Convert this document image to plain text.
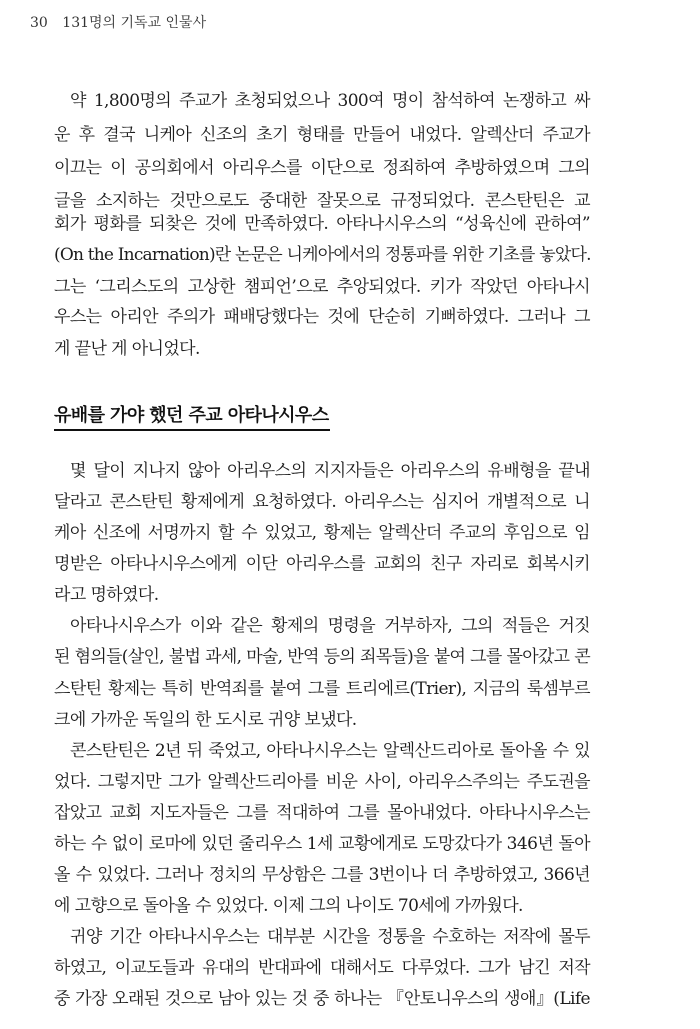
30 131명의 기독교 인물사
약 1,800명의 주교가 초청되었으나 300여 명이 참석하여 논쟁하고 싸
운 후 결국 니케아 신조의 초기 형태를 만들어 내었다. 알렉산더 주교가
이끄는 이 공의회에서 아리우스를 이단으로 정죄하여 추방하였으며 그의
글을 소지하는 것만으로도 중대한 잘못으로 규정되었다. 콘스탄틴은 교
회가 평화를 되찾은 것에 만족하였다. 아타나시우스의 “성육신에 관하여”
(On the Incarnation)란 논문은 니케아에서의 정통파를 위한 기초를 놓았다.
그는 ‘그리스도의 고상한 챔피언’으로 추앙되었다. 키가 작았던 아타나시
우스는 아리안 주의가 패배당했다는 것에 단순히 기뻐하였다. 그러나 그
게 끝난 게 아니었다.
유배를 가야 했던 주교 아타나시우스
몇 달이 지나지 않아 아리우스의 지지자들은 아리우스의 유배형을 끝내
달라고 콘스탄틴 황제에게 요청하였다. 아리우스는 심지어 개별적으로 니
케아 신조에 서명까지 할 수 있었고, 황제는 알렉산더 주교의 후임으로 임
명받은 아타나시우스에게 이단 아리우스를 교회의 친구 자리로 회복시키
라고 명하였다.
아타나시우스가 이와 같은 황제의 명령을 거부하자, 그의 적들은 거짓
된 혐의들(살인, 불법 과세, 마술, 반역 등의 죄목들)을 붙여 그를 몰아갔고 콘
스탄틴 황제는 특히 반역죄를 붙여 그를 트리에르(Trier), 지금의 룩셈부르
크에 가까운 독일의 한 도시로 귀양 보냈다.
콘스탄틴은 2년 뒤 죽었고, 아타나시우스는 알렉산드리아로 돌아올 수 있
었다. 그렇지만 그가 알렉산드리아를 비운 사이, 아리우스주의는 주도권을
잡았고 교회 지도자들은 그를 적대하여 그를 몰아내었다. 아타나시우스는
하는 수 없이 로마에 있던 줄리우스 1세 교황에게로 도망갔다가 346년 돌아
올 수 있었다. 그러나 정치의 무상함은 그를 3번이나 더 추방하였고, 366년
에 고향으로 돌아올 수 있었다. 이제 그의 나이도 70세에 가까웠다.
귀양 기간 아타나시우스는 대부분 시간을 정통을 수호하는 저작에 몰두
하였고, 이교도들과 유대의 반대파에 대해서도 다루었다. 그가 남긴 저작
중 가장 오래된 것으로 남아 있는 것 중 하나는 『안토니우스의 생애』(Life
